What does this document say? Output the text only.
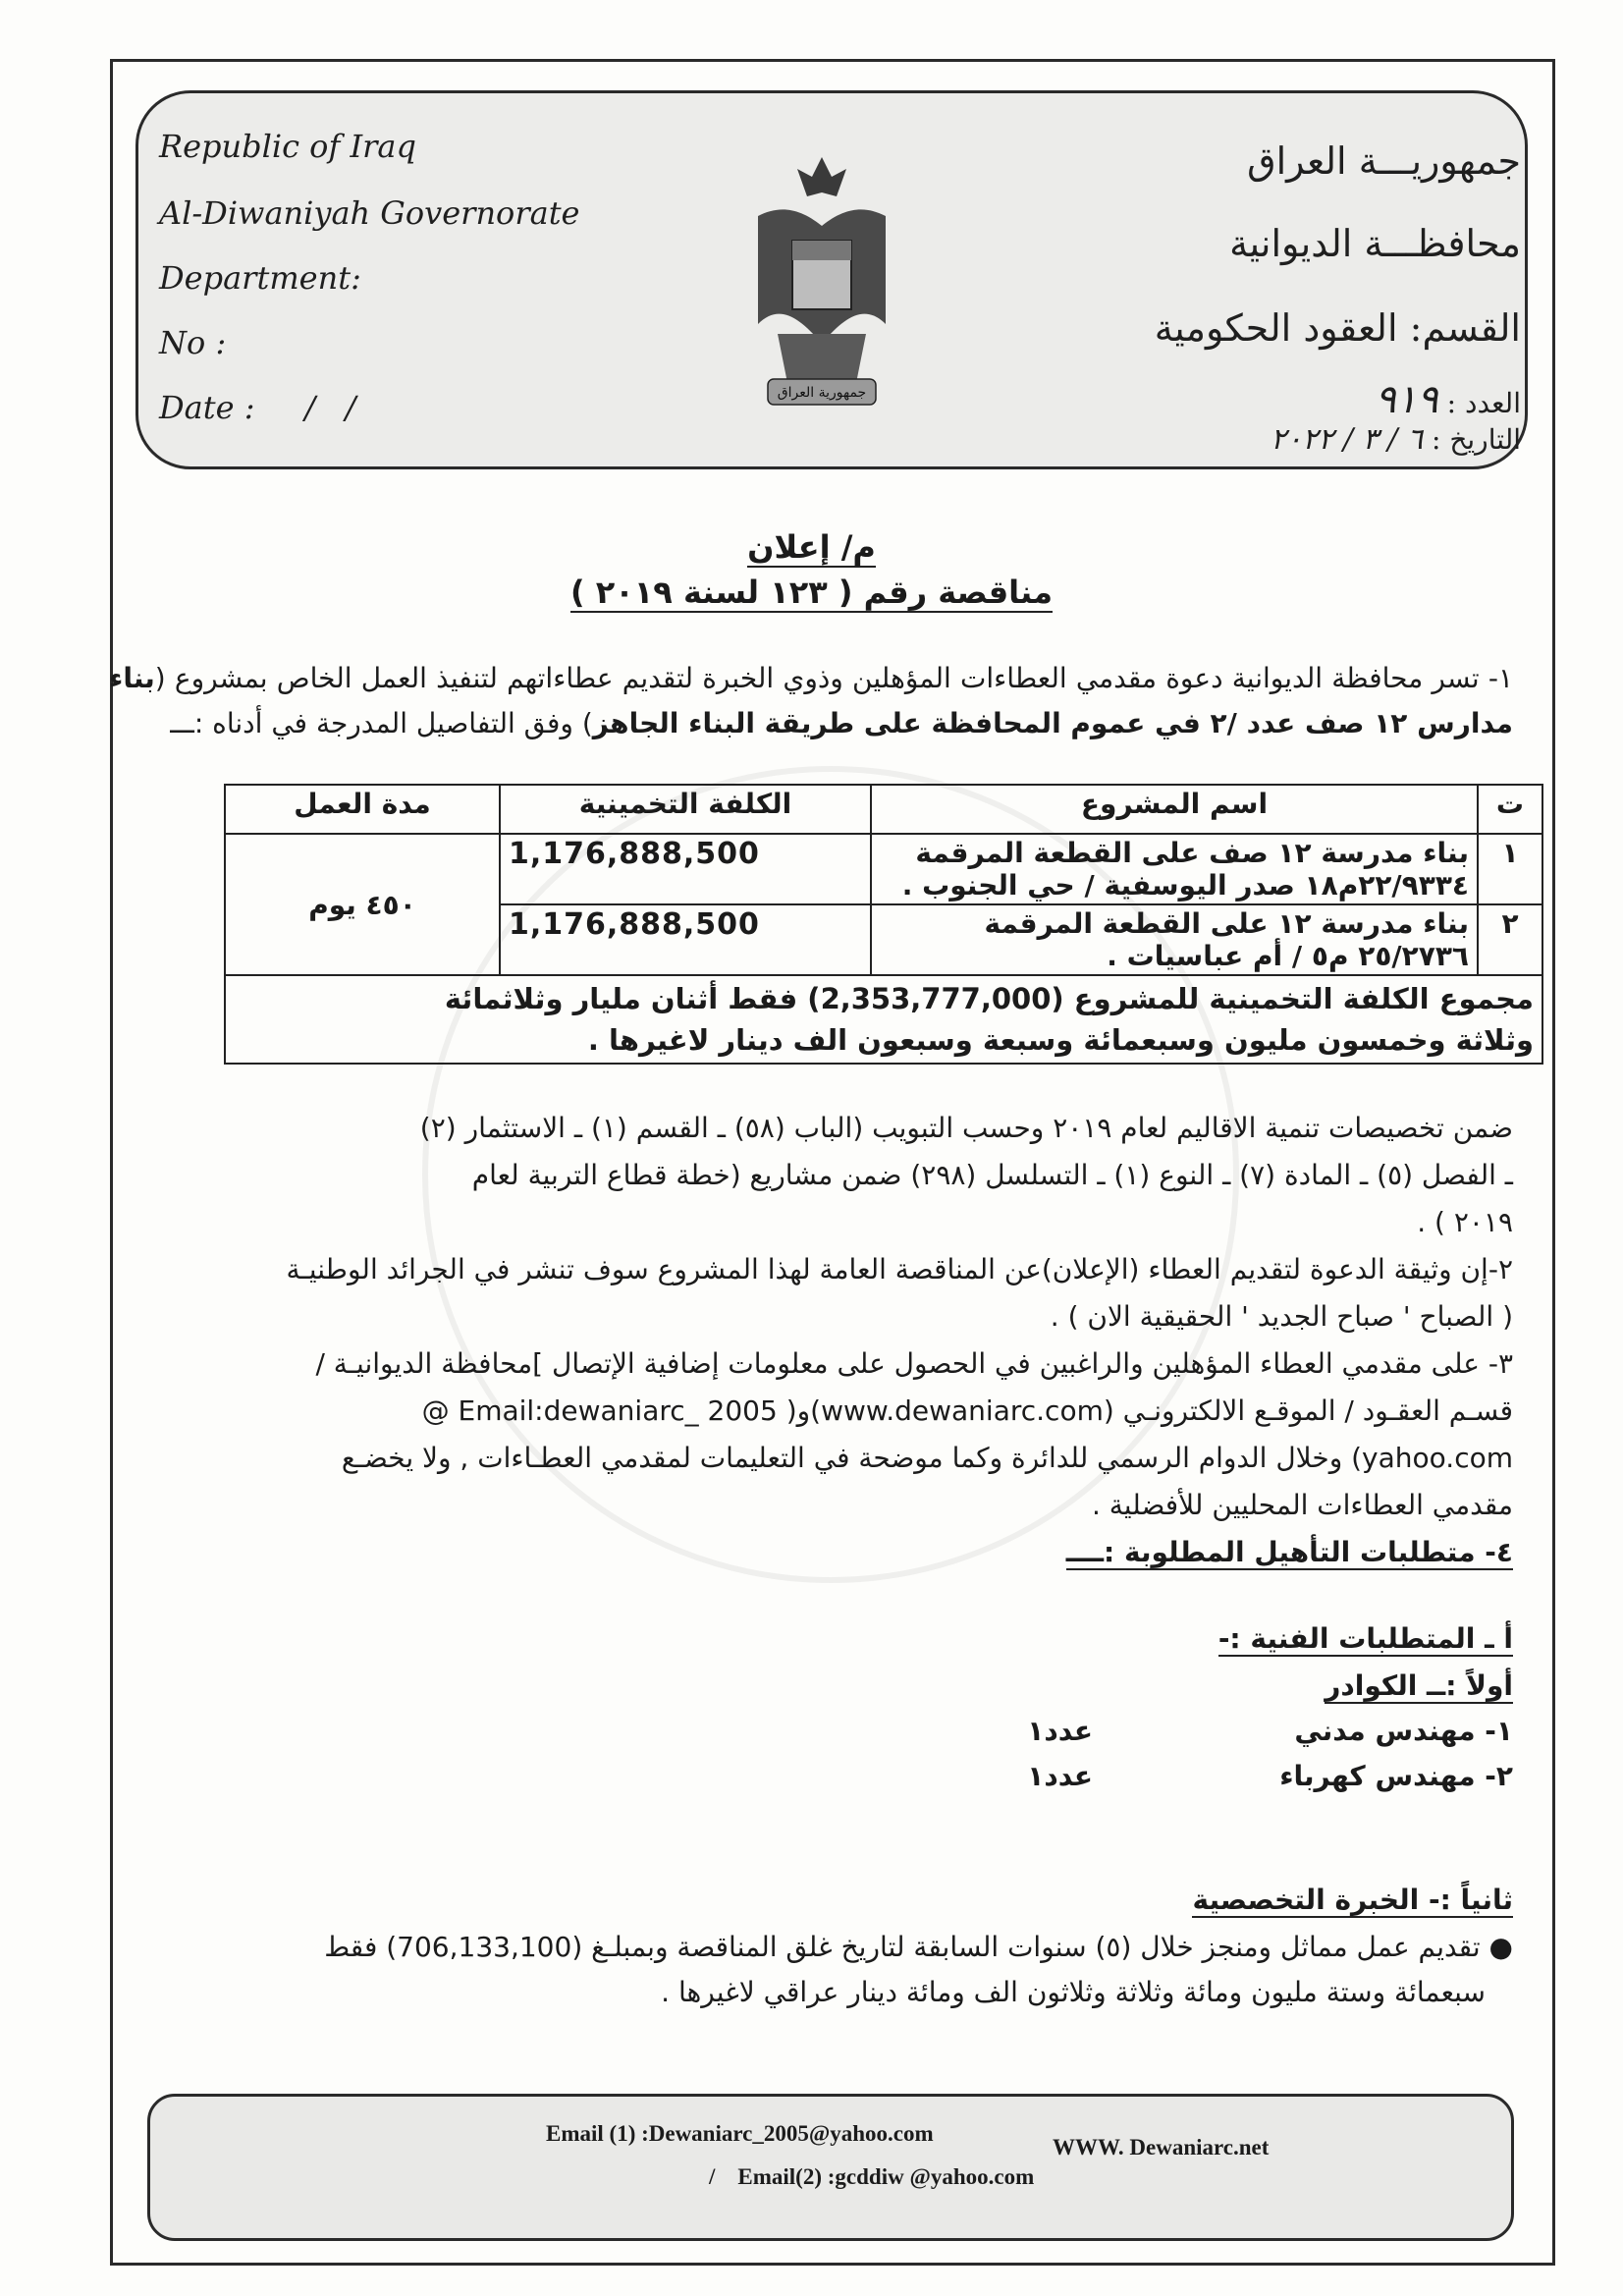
Republic of Iraq
Al-Diwaniyah Governorate
Department:
No :
Date :     /   /
جمهوريـــة العراق
محافظـــة الديوانية
القسم: العقود الحكومية
العدد : ٩١٩
التاريخ : ٦ / ٣ / ٢٠٢٢
جمهورية العراق
م/ إعلان
مناقصة رقم ( ١٢٣ لسنة ٢٠١٩ )
١- تسر محافظة الديوانية دعوة مقدمي العطاءات المؤهلين وذوي الخبرة لتقديم عطاءاتهم لتنفيذ العمل الخاص بمشروع (بناء مدارس ١٢ صف عدد /٢ في عموم المحافظة على طريقة البناء الجاهز) وفق التفاصيل المدرجة في أدناه :ـــ
ت	اسم المشروع	الكلفة التخمينية	مدة العمل
١	بناء مدرسة ١٢ صف على القطعة المرقمة
٢٢/٩٣٣٤م١٨ صدر اليوسفية / حي الجنوب .	1,176,888,500	٤٥٠ يوم
٢	بناء مدرسة ١٢ على القطعة المرقمة
٢٥/٢٧٣٦ م٥ / أم عباسيات .	1,176,888,500	

مجموع الكلفة التخمينية للمشروع (2,353,777,000) فقط أثنان مليار وثلاثمائة
وثلاثة وخمسون مليون وسبعمائة وسبعة وسبعون الف دينار لاغيرها .			
ضمن تخصيصات تنمية الاقاليم لعام ٢٠١٩ وحسب التبويب (الباب (٥٨) ـ القسم (١) ـ الاستثمار (٢)
ـ الفصل (٥) ـ المادة (٧) ـ النوع (١) ـ التسلسل (٢٩٨) ضمن مشاريع (خطة قطاع التربية لعام
٢٠١٩ ) .
٢-إن وثيقة الدعوة لتقديم العطاء (الإعلان)عن المناقصة العامة لهذا المشروع سوف تنشر في الجرائد الوطنيـة
( الصباح ' صباح الجديد ' الحقيقية الان ) .
٣- على مقدمي العطاء المؤهلين والراغبين في الحصول على معلومات إضافية الإتصال ]محافظة الديوانيـة /
قسـم العقـود / الموقـع الالكترونـي (www.dewaniarc.com)و( Email:dewaniarc_ 2005 @
yahoo.com) وخلال الدوام الرسمي للدائرة وكما موضحة في التعليمات لمقدمي العطـاءات , ولا يخضـع
مقدمي العطاءات المحليين للأفضلية .
٤- متطلبات التأهيل المطلوبة :ــــ
أ ـ المتطلبات الفنية :-
أولاً :ــ الكوادر
١- مهندس مدني
عدد١
٢- مهندس كهرباء
عدد١
ثانياً :- الخبرة التخصصية
● تقديم عمل مماثل ومنجز خلال (٥) سنوات السابقة لتاريخ غلق المناقصة وبمبلـغ (706,133,100) فقط
سبعمائة وستة مليون ومائة وثلاثة وثلاثون الف ومائة دينار عراقي لاغيرها .
Email (1) :Dewaniarc_2005@yahoo.com
WWW. Dewaniarc.net
/    Email(2) :gcddiw @yahoo.com
